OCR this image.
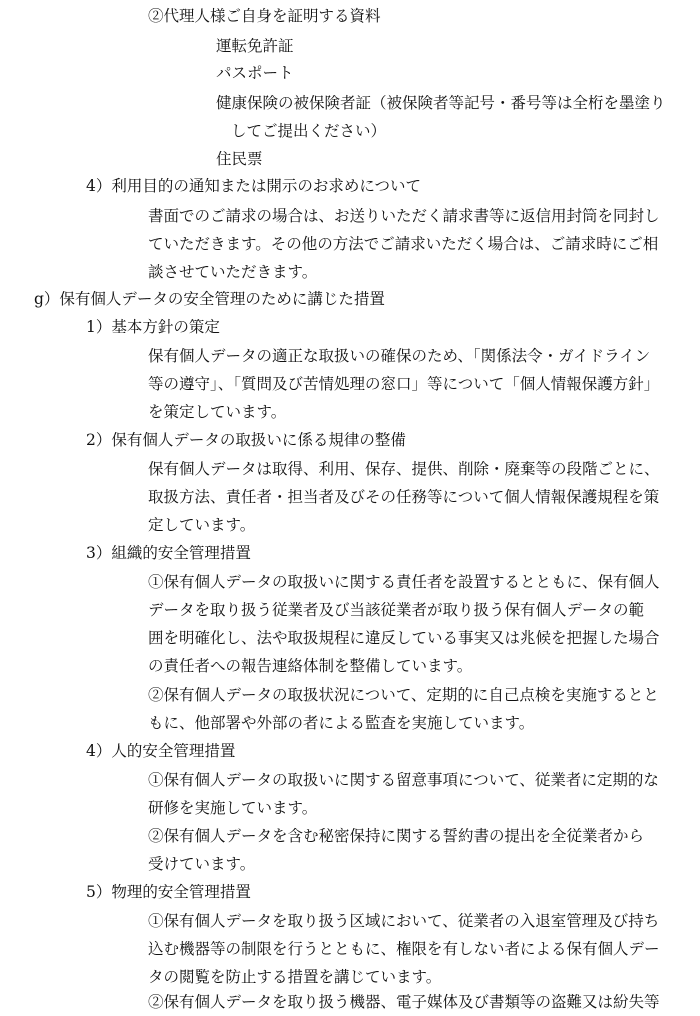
②代理人様ご自身を証明する資料
運転免許証
パスポート
健康保険の被保険者証（被保険者等記号・番号等は全桁を墨塗り
してご提出ください）
住民票
4）利用目的の通知または開示のお求めについて
書面でのご請求の場合は、お送りいただく請求書等に返信用封筒を同封し
ていただきます。その他の方法でご請求いただく場合は、ご請求時にご相
談させていただきます。
g）保有個人データの安全管理のために講じた措置
1）基本方針の策定
保有個人データの適正な取扱いの確保のため、「関係法令・ガイドライン
等の遵守」、「質問及び苦情処理の窓口」等について「個人情報保護方針」
を策定しています。
2）保有個人データの取扱いに係る規律の整備
保有個人データは取得、利用、保存、提供、削除・廃棄等の段階ごとに、
取扱方法、責任者・担当者及びその任務等について個人情報保護規程を策
定しています。
3）組織的安全管理措置
①保有個人データの取扱いに関する責任者を設置するとともに、保有個人
データを取り扱う従業者及び当該従業者が取り扱う保有個人データの範
囲を明確化し、法や取扱規程に違反している事実又は兆候を把握した場合
の責任者への報告連絡体制を整備しています。
②保有個人データの取扱状況について、定期的に自己点検を実施するとと
もに、他部署や外部の者による監査を実施しています。
4）人的安全管理措置
①保有個人データの取扱いに関する留意事項について、従業者に定期的な
研修を実施しています。
②保有個人データを含む秘密保持に関する誓約書の提出を全従業者から
受けています。
5）物理的安全管理措置
①保有個人データを取り扱う区域において、従業者の入退室管理及び持ち
込む機器等の制限を行うとともに、権限を有しない者による保有個人デー
タの閲覧を防止する措置を講じています。
②保有個人データを取り扱う機器、電子媒体及び書類等の盗難又は紛失等
